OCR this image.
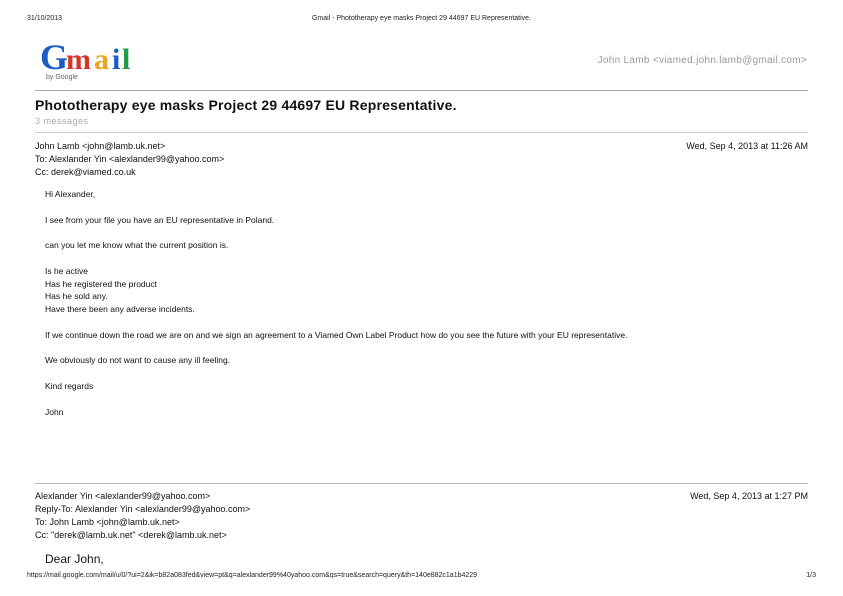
31/10/2013	Gmail - Phototherapy eye masks Project 29 44697 EU Representative.
G
m a i l
by Google
John Lamb <viamed.john.lamb@gmail.com>
Phototherapy eye masks Project 29 44697 EU Representative.
3 messages
John Lamb <john@lamb.uk.net>	Wed, Sep 4, 2013 at 11:26 AM
To: Alexlander Yin <alexlander99@yahoo.com>
Cc: derek@viamed.co.uk

Hi Alexander,

I see from your file you have an EU representative in Poland.

can you let me know what the current position is.

Is he active
Has he registered the product
Has he sold any.
Have there been any adverse incidents.

If we continue down the road we are on and we sign an agreement to a Viamed Own Label Product how do you see the future with your EU representative.

We obviously do not want to cause any ill feeling.

Kind regards

John

Alexlander Yin <alexlander99@yahoo.com>	Wed, Sep 4, 2013 at 1:27 PM
Reply-To: Alexlander Yin <alexlander99@yahoo.com>
To: John Lamb <john@lamb.uk.net>
Cc: "derek@lamb.uk.net" <derek@lamb.uk.net>
Dear John,
https://mail.google.com/mail/u/0/?ui=2&ik=b82a083fed&view=pt&q=alexlander99%40yahoo.com&qs=true&search=query&th=140e882c1a1b4229	1/3
